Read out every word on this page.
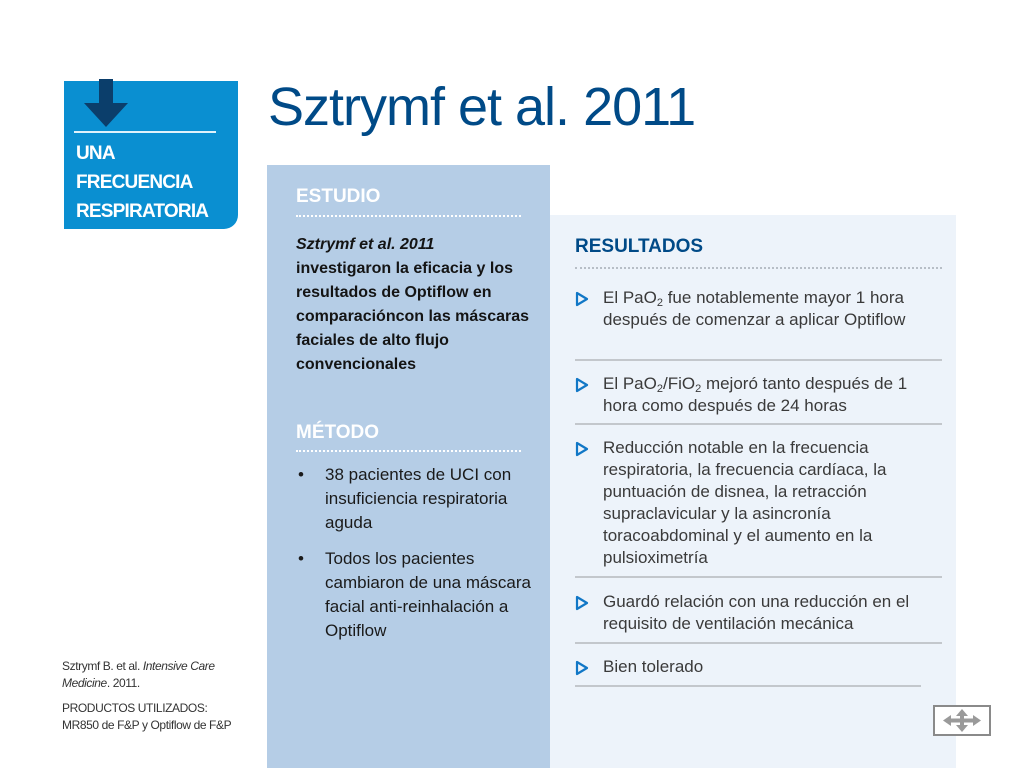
UNA FRECUENCIA
RESPIRATORIA
menor
Sztrymf et al. 2011
ESTUDIO
Sztrymf et al. 2011
investigaron la eficacia y los resultados de Optiflow en comparacióncon las máscaras faciales de alto flujo convencionales
MÉTODO
• 38 pacientes de UCI con insuficiencia respiratoria aguda
• Todos los pacientes cambiaron de una máscara facial anti-reinhalación a Optiflow
RESULTADOS
El PaO$_2$ fue notablemente mayor 1 hora después de comenzar a aplicar Optiflow
El PaO$_2$/FiO$_2$ mejoró tanto después de 1 hora como después de 24 horas
Reducción notable en la frecuencia respiratoria, la frecuencia cardíaca, la puntuación de disnea, la retracción supraclavicular y la asincronía toracoabdominal y el aumento en la pulsioximetría
Guardó relación con una reducción en el requisito de ventilación mecánica
Bien tolerado
Sztrymf B. et al. Intensive Care Medicine. 2011.
PRODUCTOS UTILIZADOS:
MR850 de F&P y Optiflow de F&P
